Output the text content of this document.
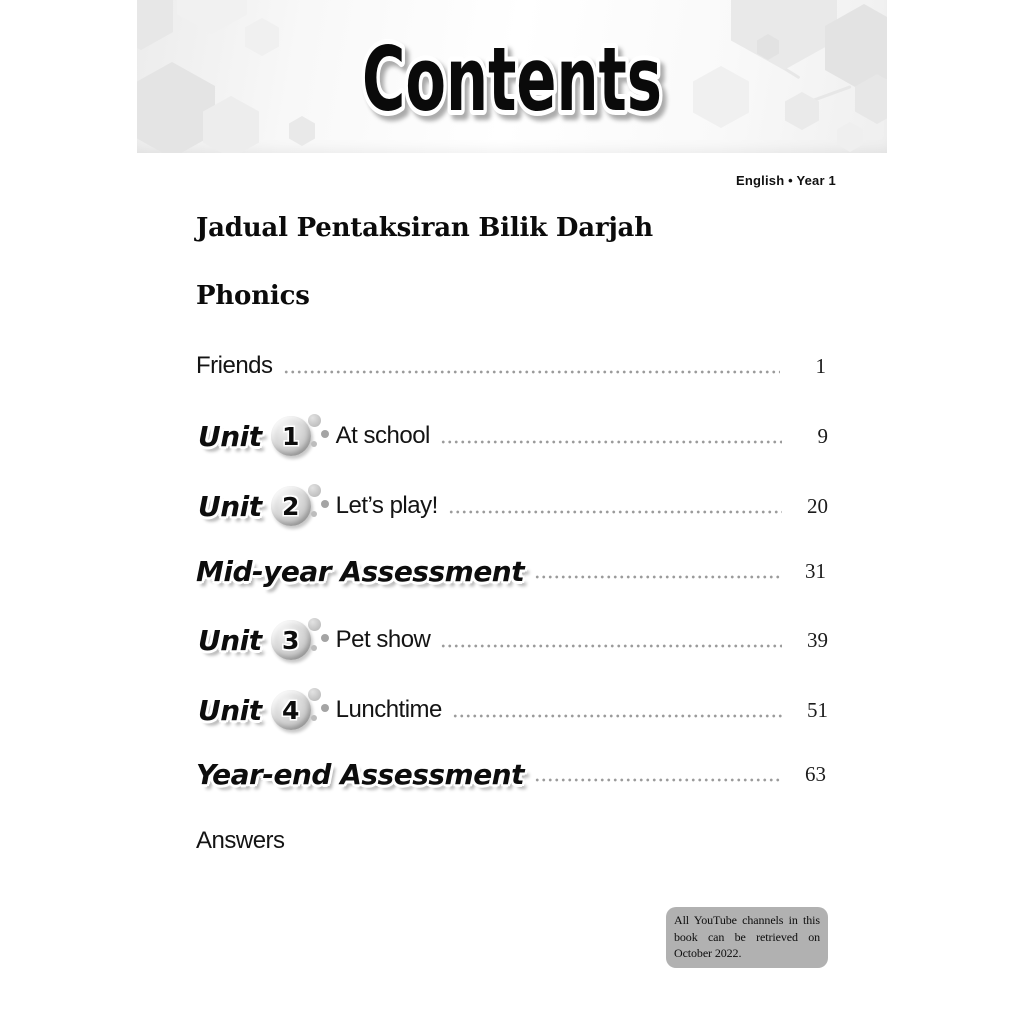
Contents
English • Year 1
Jadual Pentaksiran Bilik Darjah
Phonics
Friends	1
Unit 1 At school	9
Unit 2 Let’s play!	20
Mid-year Assessment	31
Unit 3 Pet show	39
Unit 4 Lunchtime	51
Year-end Assessment	63
Answers

All YouTube channels in this book can be retrieved on October 2022.
